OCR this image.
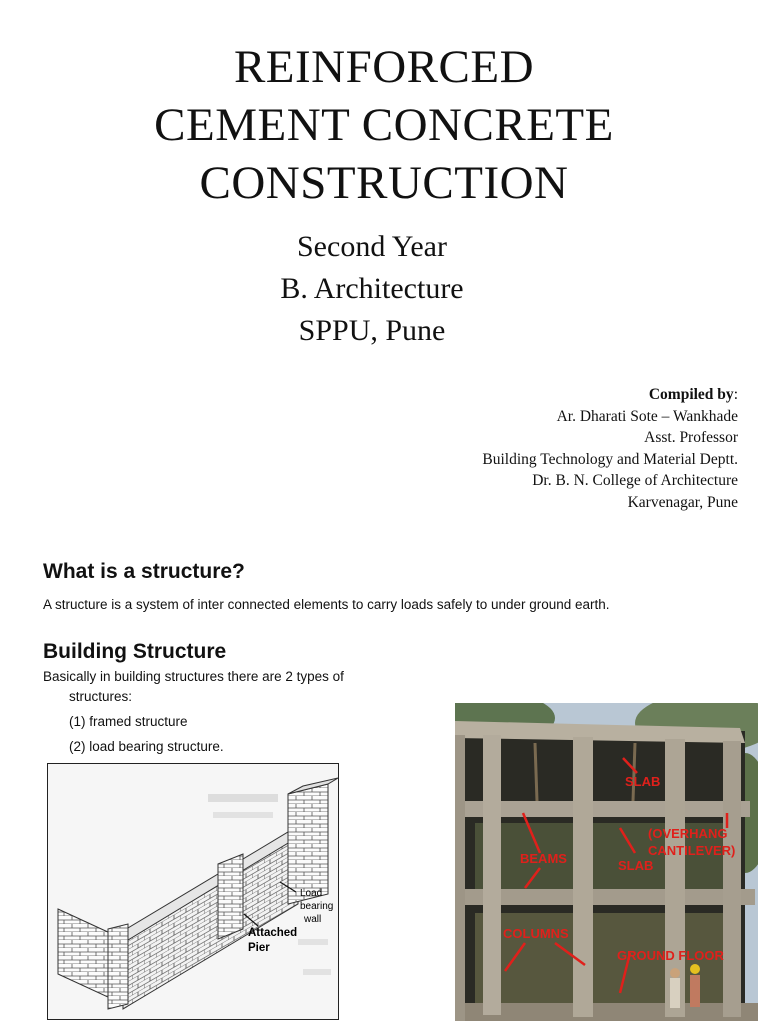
REINFORCED
CEMENT CONCRETE
CONSTRUCTION
Second Year
B. Architecture
SPPU, Pune
Compiled by:
Ar. Dharati Sote – Wankhade
Asst. Professor
Building Technology and Material Deptt.
Dr. B. N. College of Architecture
Karvenagar, Pune
What is a structure?
A structure is a system of inter connected elements to carry loads safely to under ground earth.
Building Structure
Basically in building structures there are 2 types of
structures:
(1) framed structure
(2) load bearing structure.
Load
bearing
wall
Attached
Pier
SLAB
(OVERHANG
CANTILEVER)
BEAMS	SLAB
COLUMNS
GROUND FLOOR
